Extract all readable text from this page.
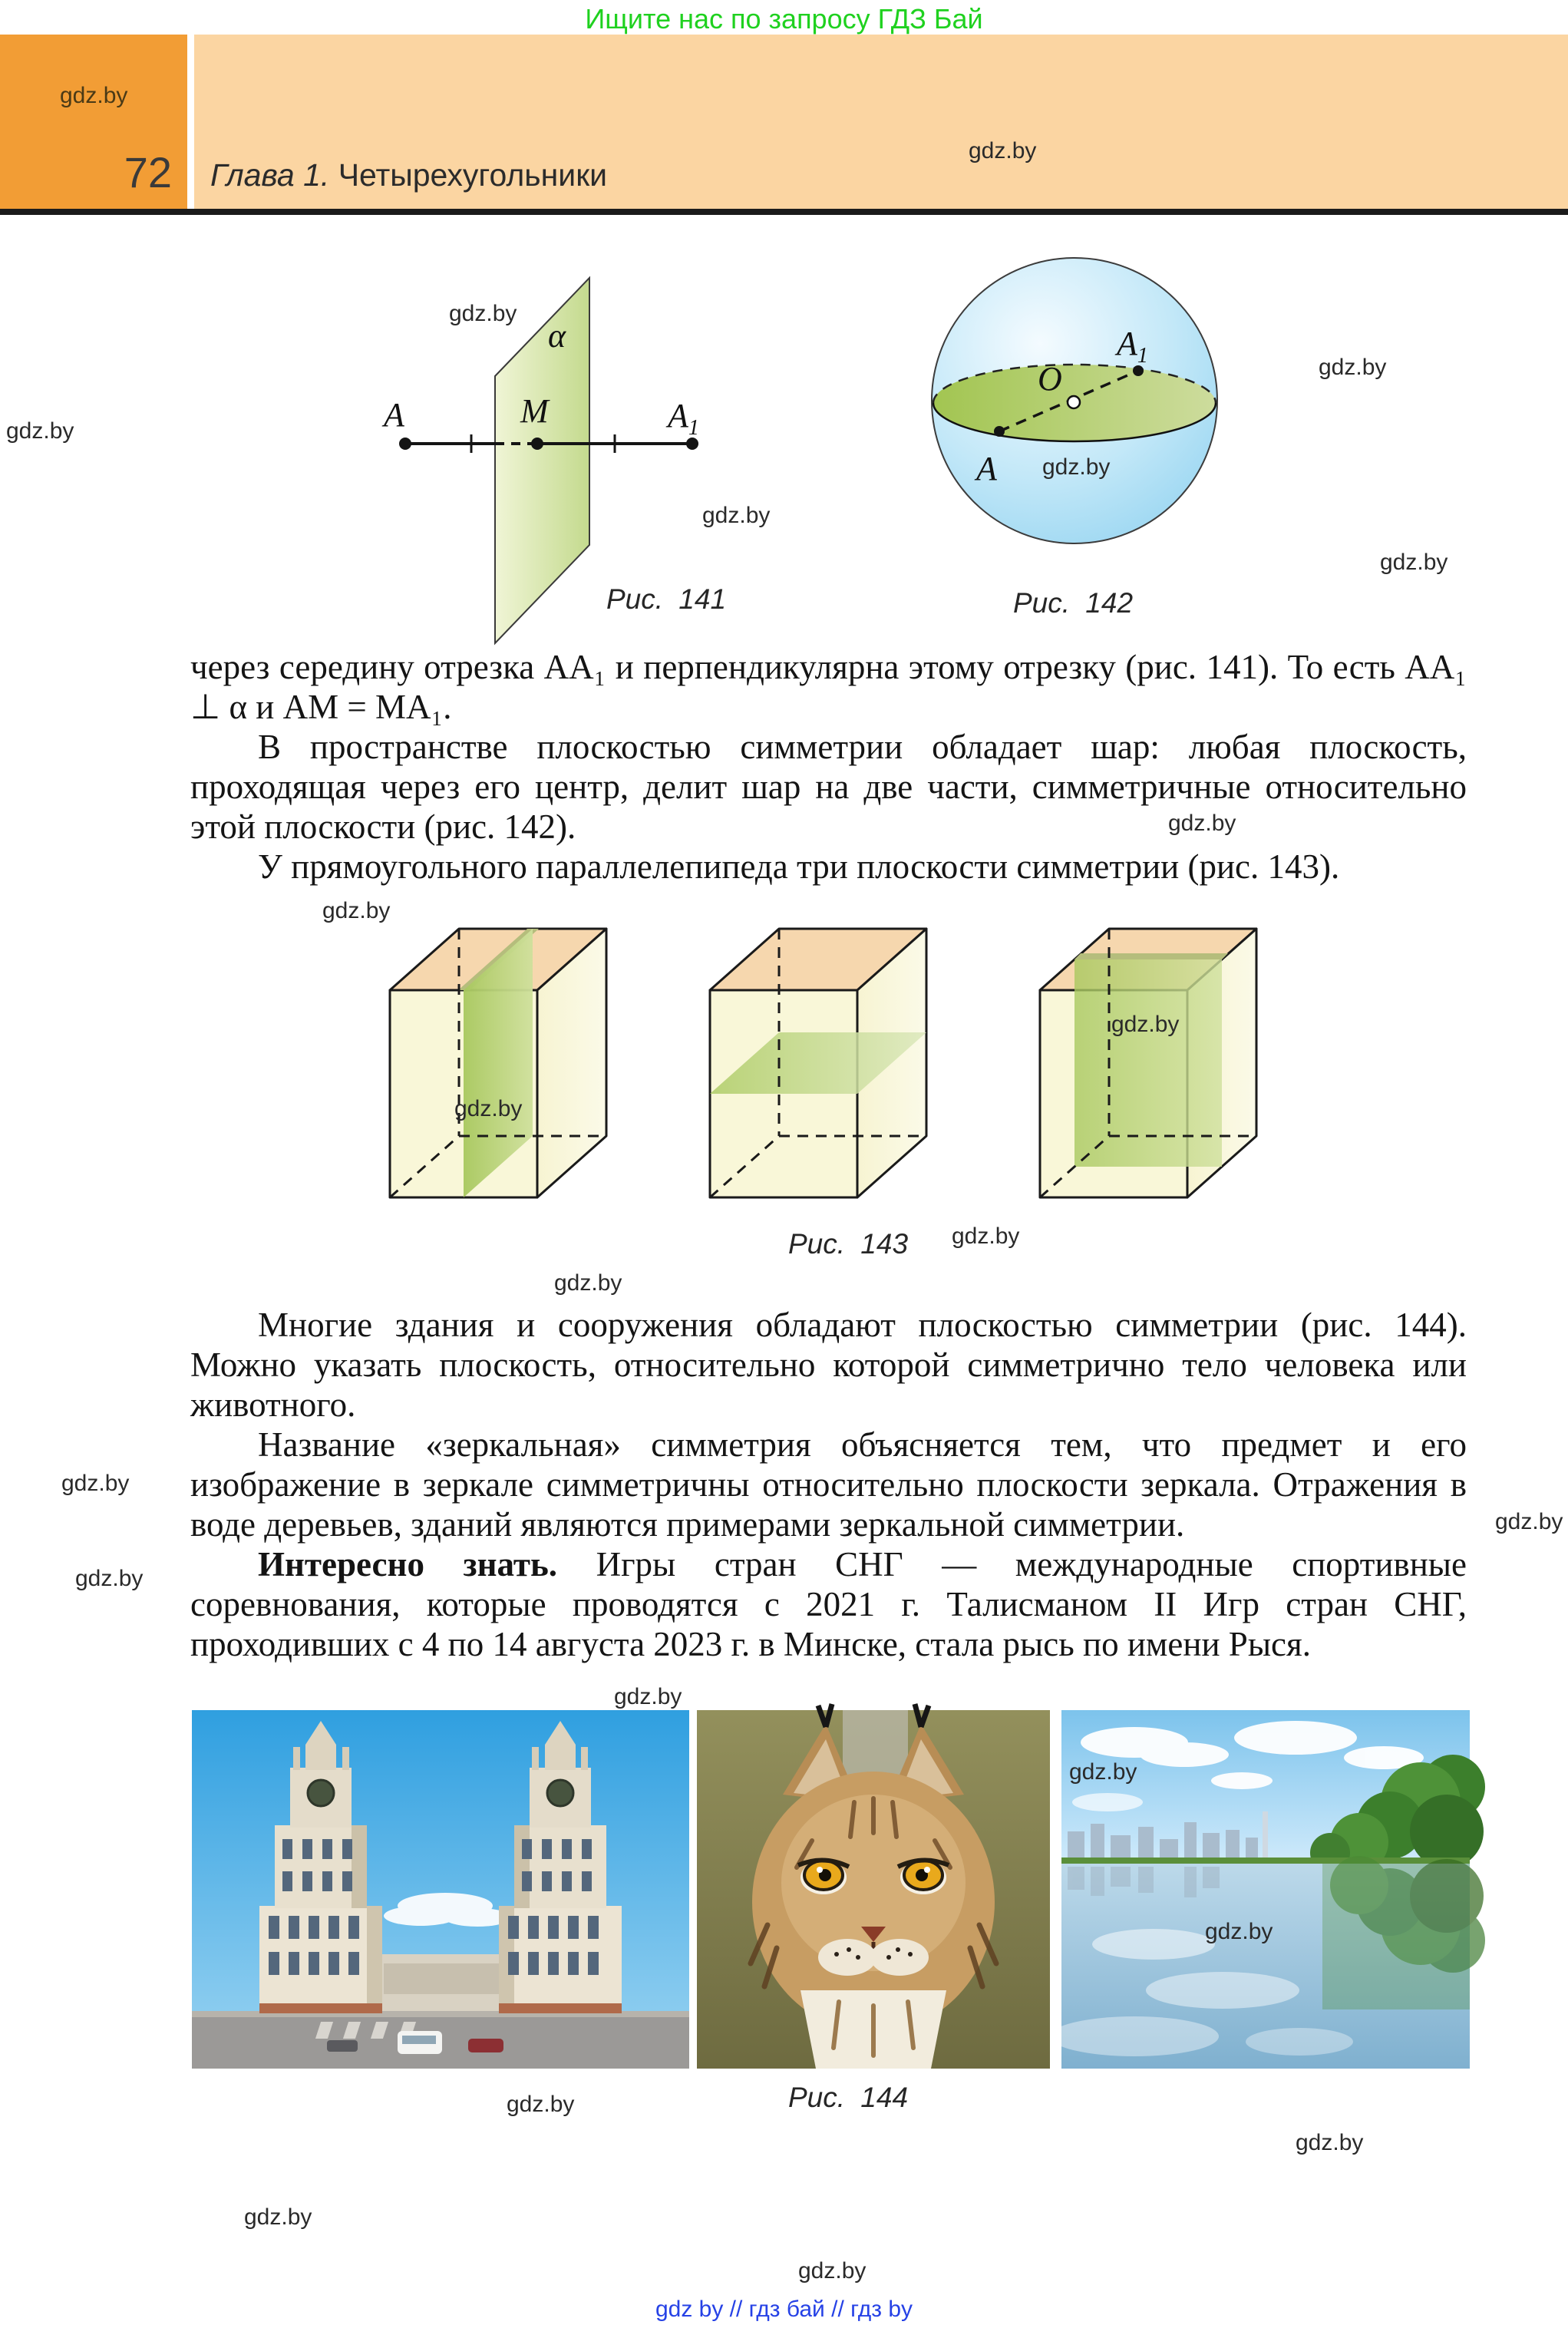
Ищите нас по запросу ГДЗ Бай
gdz.by
72 Глава 1. Четырехугольники
gdz.by
A	M	$A_1$
α
gdz.by
gdz.by
gdz.by
Рис. 141
O
A
$A_1$	gdz.by
gdz.by
gdz.by
Рис. 142

через середину отрезка AA₁ и перпендикулярна этому отрезку (рис. 141). То есть AA₁ ⊥ α и AM = MA₁.

В пространстве плоскостью симметрии обладает шар: любая плоскость, проходящая через его центр, делит шар на две части, симметричные относительно этой плоскости (рис. 142).

У прямоугольного параллелепипеда три плоскости симметрии (рис. 143).

gdz.by
gdz.by
gdz.by
gdz.by
Рис. 143	gdz.by
gdz.by

Многие здания и сооружения обладают плоскостью симметрии (рис. 144). Можно указать плоскость, относительно которой симметрично тело человека или животного.

Название «зеркальная» симметрия объясняется тем, что предмет и его изображение в зеркале симметричны относительно плоскости зеркала. Отражения в воде деревьев, зданий являются примерами зеркальной симметрии.

gdz.by
gdz.by

Интересно знать. Игры стран СНГ — международные спортивные соревнования, которые проводятся с 2021 г. Талисманом II Игр стран СНГ, проходивших с 4 по 14 августа 2023 г. в Минске, стала рысь по имени Рыся.

gdz.by
gdz.by
gdz.by
gdz.by
gdz.by	Рис. 144
gdz.by
gdz.by
gdz.by
gdz by // гдз бай // гдз by
